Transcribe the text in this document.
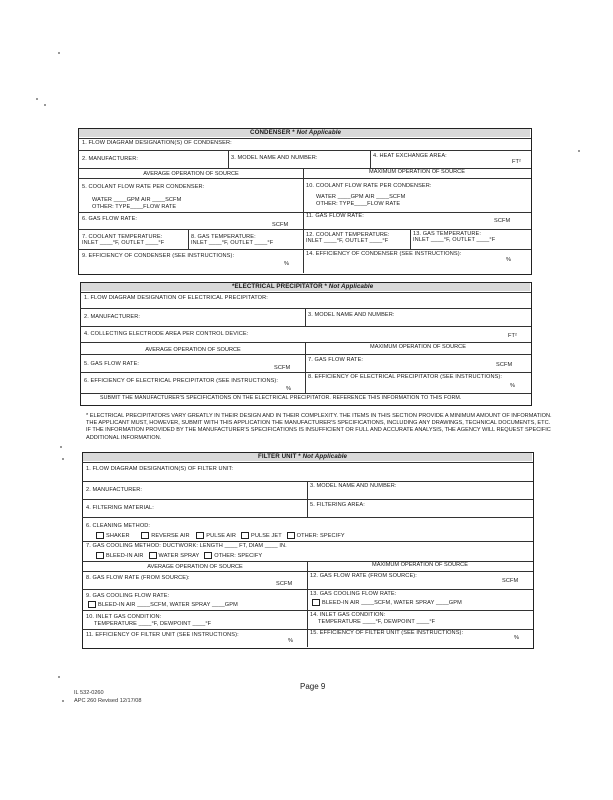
CONDENSER * Not Applicable
1. FLOW DIAGRAM DESIGNATION(S) OF CONDENSER:
2. MANUFACTURER:	3. MODEL NAME AND NUMBER:	4. HEAT EXCHANGE AREA:
FT²
AVERAGE OPERATION OF SOURCE	MAXIMUM OPERATION OF SOURCE
5. COOLANT FLOW RATE PER CONDENSER:
WATER ____GPM AIR ____SCFM
OTHER: TYPE____FLOW RATE
10. COOLANT FLOW RATE PER CONDENSER:
WATER ____GPM AIR ____SCFM
OTHER: TYPE____FLOW RATE
6. GAS FLOW RATE:
SCFM
11. GAS FLOW RATE:
SCFM
7. COOLANT TEMPERATURE:
INLET ____°F, OUTLET ____°F
8. GAS TEMPERATURE:
INLET ____°F, OUTLET ____°F
12. COOLANT TEMPERATURE:
INLET ____°F, OUTLET ____°F
13. GAS TEMPERATURE:
INLET ____°F, OUTLET ____°F
9. EFFICIENCY OF CONDENSER (SEE INSTRUCTIONS):
%
14. EFFICIENCY OF CONDENSER (SEE INSTRUCTIONS):
%
*ELECTRICAL PRECIPITATOR * Not Applicable
1. FLOW DIAGRAM DESIGNATION OF ELECTRICAL PRECIPITATOR:
2. MANUFACTURER:	3. MODEL NAME AND NUMBER:
4. COLLECTING ELECTRODE AREA PER CONTROL DEVICE:	FT²
AVERAGE OPERATION OF SOURCE	MAXIMUM OPERATION OF SOURCE
5. GAS FLOW RATE:
SCFM
7. GAS FLOW RATE:
SCFM
6. EFFICIENCY OF ELECTRICAL PRECIPITATOR (SEE INSTRUCTIONS):
%
8. EFFICIENCY OF ELECTRICAL PRECIPITATOR (SEE INSTRUCTIONS):
%
SUBMIT THE MANUFACTURER'S SPECIFICATIONS ON THE ELECTRICAL PRECIPITATOR. REFERENCE THIS INFORMATION TO THIS FORM.
* ELECTRICAL PRECIPITATORS VARY GREATLY IN THEIR DESIGN AND IN THEIR COMPLEXITY. THE ITEMS IN THIS SECTION PROVIDE A MINIMUM AMOUNT OF INFORMATION. THE APPLICANT MUST, HOWEVER, SUBMIT WITH THIS APPLICATION THE MANUFACTURER'S SPECIFICATIONS, INCLUDING ANY DRAWINGS, TECHNICAL DOCUMENTS, ETC. IF THE INFORMATION PROVIDED BY THE MANUFACTURER'S SPECIFICATIONS IS INSUFFICIENT OR FULL AND ACCURATE ANALYSIS, THE AGENCY WILL REQUEST SPECIFIC ADDITIONAL INFORMATION.
FILTER UNIT * Not Applicable
1. FLOW DIAGRAM DESIGNATION(S) OF FILTER UNIT:
2. MANUFACTURER:
3. MODEL NAME AND NUMBER:
4. FILTERING MATERIAL:	5. FILTERING AREA:
6. CLEANING METHOD:
SHAKER	REVERSE AIR	PULSE AIR	PULSE JET	OTHER: SPECIFY
7. GAS COOLING METHOD: DUCTWORK: LENGTH ____ FT, DIAM ____ IN.
BLEED-IN AIR	WATER SPRAY	OTHER: SPECIFY
AVERAGE OPERATION OF SOURCE	MAXIMUM OPERATION OF SOURCE
8. GAS FLOW RATE (FROM SOURCE):
SCFM
12. GAS FLOW RATE (FROM SOURCE):
SCFM
9. GAS COOLING FLOW RATE:
BLEED-IN AIR ____SCFM, WATER SPRAY ____GPM
13. GAS COOLING FLOW RATE:
BLEED-IN AIR ____SCFM, WATER SPRAY ____GPM
10. INLET GAS CONDITION:
TEMPERATURE ____°F, DEWPOINT ____°F
14. INLET GAS CONDITION:
TEMPERATURE ____°F, DEWPOINT ____°F
11. EFFICIENCY OF FILTER UNIT (SEE INSTRUCTIONS):
%
15. EFFICIENCY OF FILTER UNIT (SEE INSTRUCTIONS):
%
Page 9
IL 532-0260
APC 260 Revised 12/17/08
